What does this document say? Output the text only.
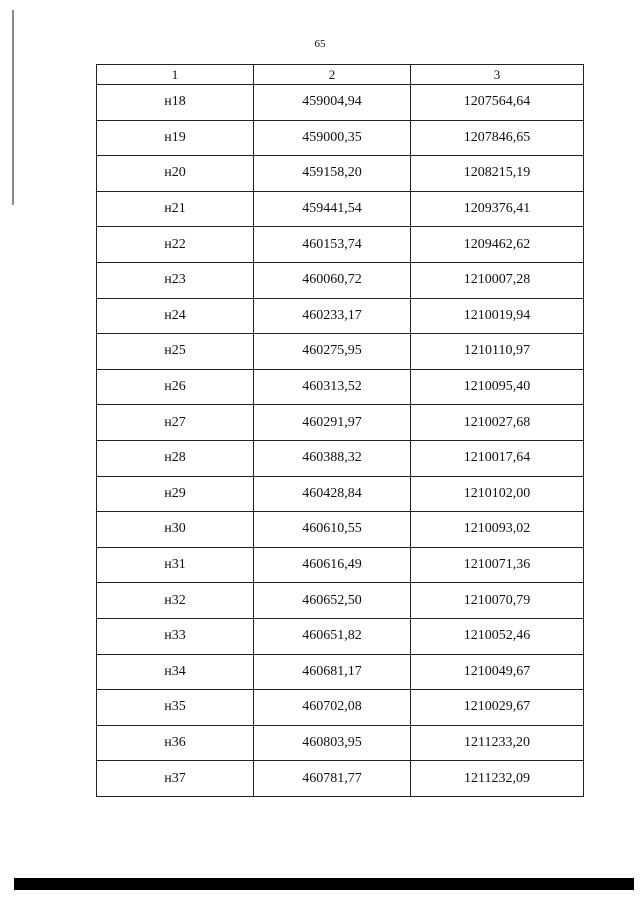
65
1	2	3
н18	459004,94	1207564,64
н19	459000,35	1207846,65
н20	459158,20	1208215,19
н21	459441,54	1209376,41
н22	460153,74	1209462,62
н23	460060,72	1210007,28
н24	460233,17	1210019,94
н25	460275,95	1210110,97
н26	460313,52	1210095,40
н27	460291,97	1210027,68
н28	460388,32	1210017,64
н29	460428,84	1210102,00
н30	460610,55	1210093,02
н31	460616,49	1210071,36
н32	460652,50	1210070,79
н33	460651,82	1210052,46
н34	460681,17	1210049,67
н35	460702,08	1210029,67
н36	460803,95	1211233,20
н37	460781,77	1211232,09
